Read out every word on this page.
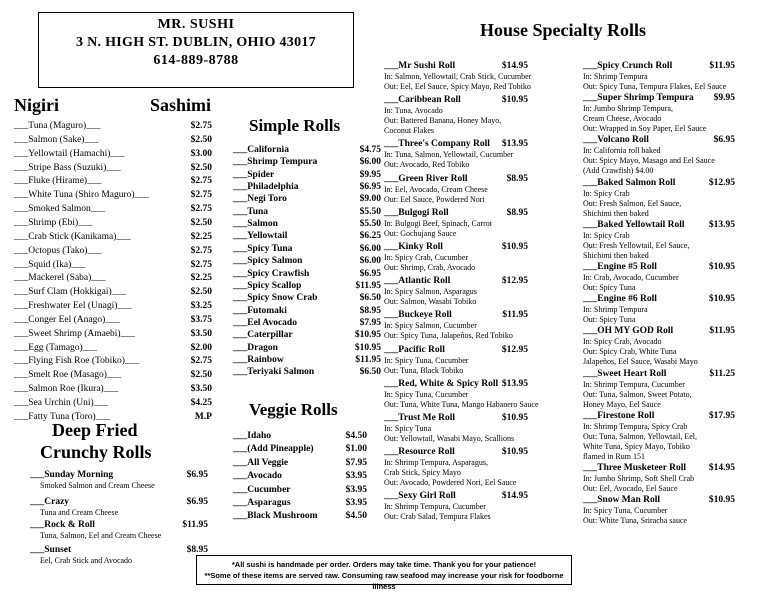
MR. SUSHI
3 N. HIGH ST. DUBLIN, OHIO 43017
614-889-8788
Nigiri	Sashimi
___Tuna (Maguro)___	$2.75
___Salmon (Sake)___	$2.50
___Yellowtail (Hamachi)___	$3.00
___Stripe Bass (Suzuki)___	$2.50
___Fluke (Hirame)___	$2.75
___White Tuna (Shiro Maguro)___	$2.75
___Smoked Salmon___	$2.75
___Shrimp (Ebi)___	$2.50
___Crab Stick (Kanikama)___	$2.25
___Octopus (Tako)___	$2.75
___Squid (Ika)___	$2.75
___Mackerel (Saba)___	$2.25
___Surf Clam (Hokkigai)___	$2.50
___Freshwater Eel (Unagi)___	$3.25
___Conger Eel (Anago)___	$3.75
___Sweet Shrimp (Amaebi)___	$3.50
___Egg (Tamago)___	$2.00
___Flying Fish Roe (Tobiko)___	$2.75
___Smelt Roe (Masago)___	$2.50
___Salmon Roe (Ikura)___	$3.50
___Sea Urchin (Uni)___	$4.25
___Fatty Tuna (Toro)___	M.P
Deep Fried
Crunchy Rolls
___Sunday Morning	$6.95
Smoked Salmon and Cream Cheese
___Crazy	$6.95
Tuna and Cream Cheese
___Rock & Roll	$11.95
Tuna, Salmon, Eel and Cream Cheese
___Sunset	$8.95
Eel, Crab Stick and Avocado
Simple Rolls
___California	$4.75
___Shrimp Tempura	$6.00
___Spider	$9.95
___Philadelphia	$6.95
___Negi Toro	$9.00
___Tuna	$5.50
___Salmon	$5.50
___Yellowtail	$6.25
___Spicy Tuna	$6.00
___Spicy Salmon	$6.00
___Spicy Crawfish	$6.95
___Spicy Scallop	$11.95
___Spicy Snow Crab	$6.50
___Futomaki	$8.95
___Eel Avocado	$7.95
___Caterpillar	$10.95
___Dragon	$10.95
___Rainbow	$11.95
___Teriyaki Salmon	$6.50
Veggie Rolls
___Idaho	$4.50
___(Add Pineapple)	$1.00
___All Veggie	$7.95
___Avocado	$3.95
___Cucumber	$3.95
___Asparagus	$3.95
___Black Mushroom	$4.50
House Specialty Rolls
___Mr Sushi Roll	$14.95
In: Salmon, Yellowtail, Crab Stick, Cucumber
Out: Eel, Eel Sauce, Spicy Mayo, Red Tobiko
___Caribbean Roll	$10.95
In: Tuna, Avocado
Out: Battered Banana, Honey Mayo,
Coconut Flakes
___Three's Company Roll	$13.95
In: Tuna, Salmon, Yellowtail, Cucumber
Out: Avocado, Red Tobiko
___Green River Roll	$8.95
In: Eel, Avocado, Cream Cheese
Out: Eel Sauce, Powdered Nori
___Bulgogi Roll	$8.95
In: Bulgogi Beef, Spinach, Carrot
Out: Gochujang Sauce
___Kinky Roll	$10.95
In: Spicy Crab, Cucumber
Out: Shrimp, Crab, Avocado
___Atlantic Roll	$12.95
In: Spicy Salmon, Asparagus
Out: Salmon, Wasabi Tobiko
___Buckeye Roll	$11.95
In: Spicy Salmon, Cucumber
Out: Spicy Tuna, Jalapeños, Red Tobiko
___Pacific Roll	$12.95
In: Spicy Tuna, Cucumber
Out: Tuna, Black Tobiko
___Red, White & Spicy Roll $13.95
In: Spicy Tuna, Cucumber
Out: Tuna, White Tuna, Mango Habanero Sauce
___Trust Me Roll	$10.95
In: Spicy Tuna
Out: Yellowtail, Wasabi Mayo, Scallions
___Resource Roll	$10.95
In: Shrimp Tempura, Asparagus,
Crab Stick, Spicy Mayo
Out: Avocado, Powdered Nori, Eel Sauce
___Sexy Girl Roll	$14.95
In: Shrimp Tempura, Cucumber
Out: Crab Salad, Tempura Flakes
___Spicy Crunch Roll	$11.95
In: Shrimp Tempura
Out: Spicy Tuna, Tempura Flakes, Eel Sauce
___Super Shrimp Tempura	$9.95
In: Jumbo Shrimp Tempura,
Cream Cheese, Avocado
Out: Wrapped in Soy Paper, Eel Sauce
___Volcano Roll	$6.95
In: California roll baked
Out: Spicy Mayo, Masago and Eel Sauce
(Add Crawfish) $4.00
___Baked Salmon Roll	$12.95
In: Spicy Crab
Out: Fresh Salmon, Eel Sauce,
Shichimi then baked
___Baked Yellowtail Roll	$13.95
In: Spicy Crab
Out: Fresh Yellowtail, Eel Sauce,
Shichimi then baked
___Engine #5 Roll	$10.95
In: Crab, Avocado, Cucumber
Out: Spicy Tuna
___Engine #6 Roll	$10.95
In: Shrimp Tempura
Out: Spicy Tuna
___OH MY GOD Roll	$11.95
In: Spicy Crab, Avocado
Out: Spicy Crab, White Tuna
Jalapeños, Eel Sauce, Wasabi Mayo
___Sweet Heart Roll	$11.25
In: Shrimp Tempura, Cucumber
Out: Tuna, Salmon, Sweet Potato,
Honey Mayo, Eel Sauce
___Firestone Roll	$17.95
In: Shrimp Tempura, Spicy Crab
Out: Tuna, Salmon, Yellowtail, Eel,
White Tuna, Spicy Mayo, Tobiko
flamed in Rum 151
___Three Musketeer Roll	$14.95
In: Jumbo Shrimp, Soft Shell Crab
Out: Eel, Avocado, Eel Sauce
___Snow Man Roll	$10.95
In: Spicy Tuna, Cucumber
Out: White Tuna, Sriracha sauce
*All sushi is handmade per order. Orders may take time. Thank you for your patience!
**Some of these items are served raw. Consuming raw seafood may increase your risk for foodborne illness
